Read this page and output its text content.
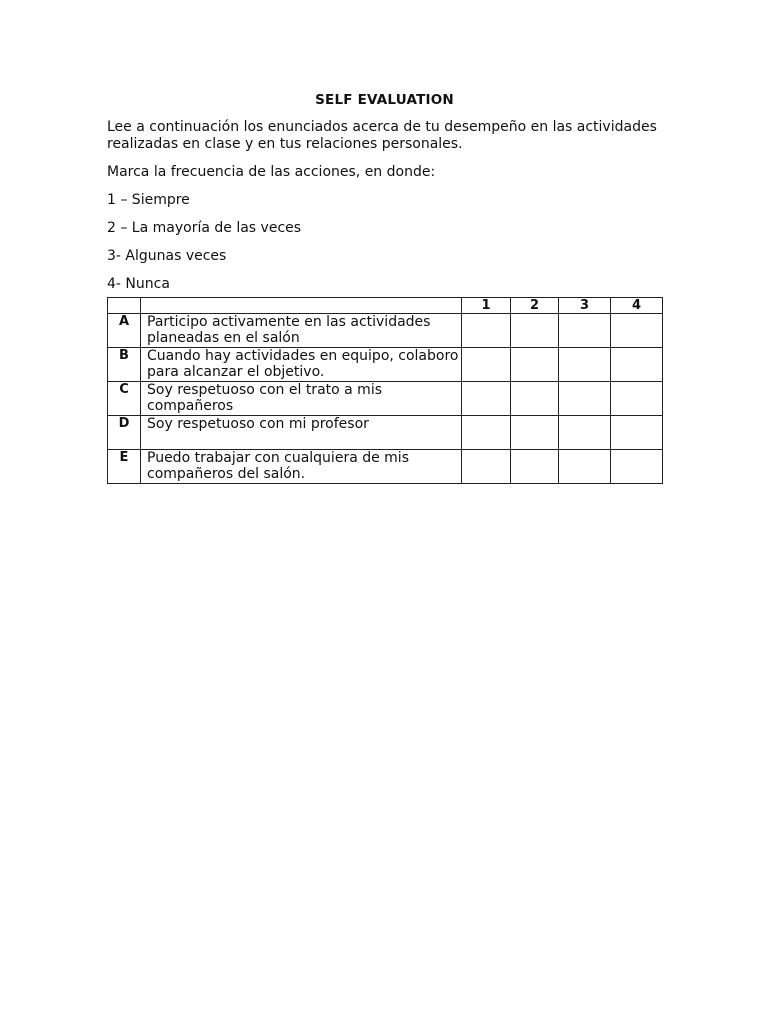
SELF EVALUATION
Lee a continuación los enunciados acerca de tu desempeño en las actividades realizadas en clase y en tus relaciones personales.
Marca la frecuencia de las acciones, en donde:
1 – Siempre
2 – La mayoría de las veces
3- Algunas veces
4- Nunca
		1	2	3	4
A	Participo activamente en las actividades planeadas en el salón				
B	Cuando hay actividades en equipo, colaboro para alcanzar el objetivo.				
C	Soy respetuoso con el trato a mis compañeros				
D	Soy respetuoso con mi profesor				
E	Puedo trabajar con cualquiera de mis compañeros del salón.				
